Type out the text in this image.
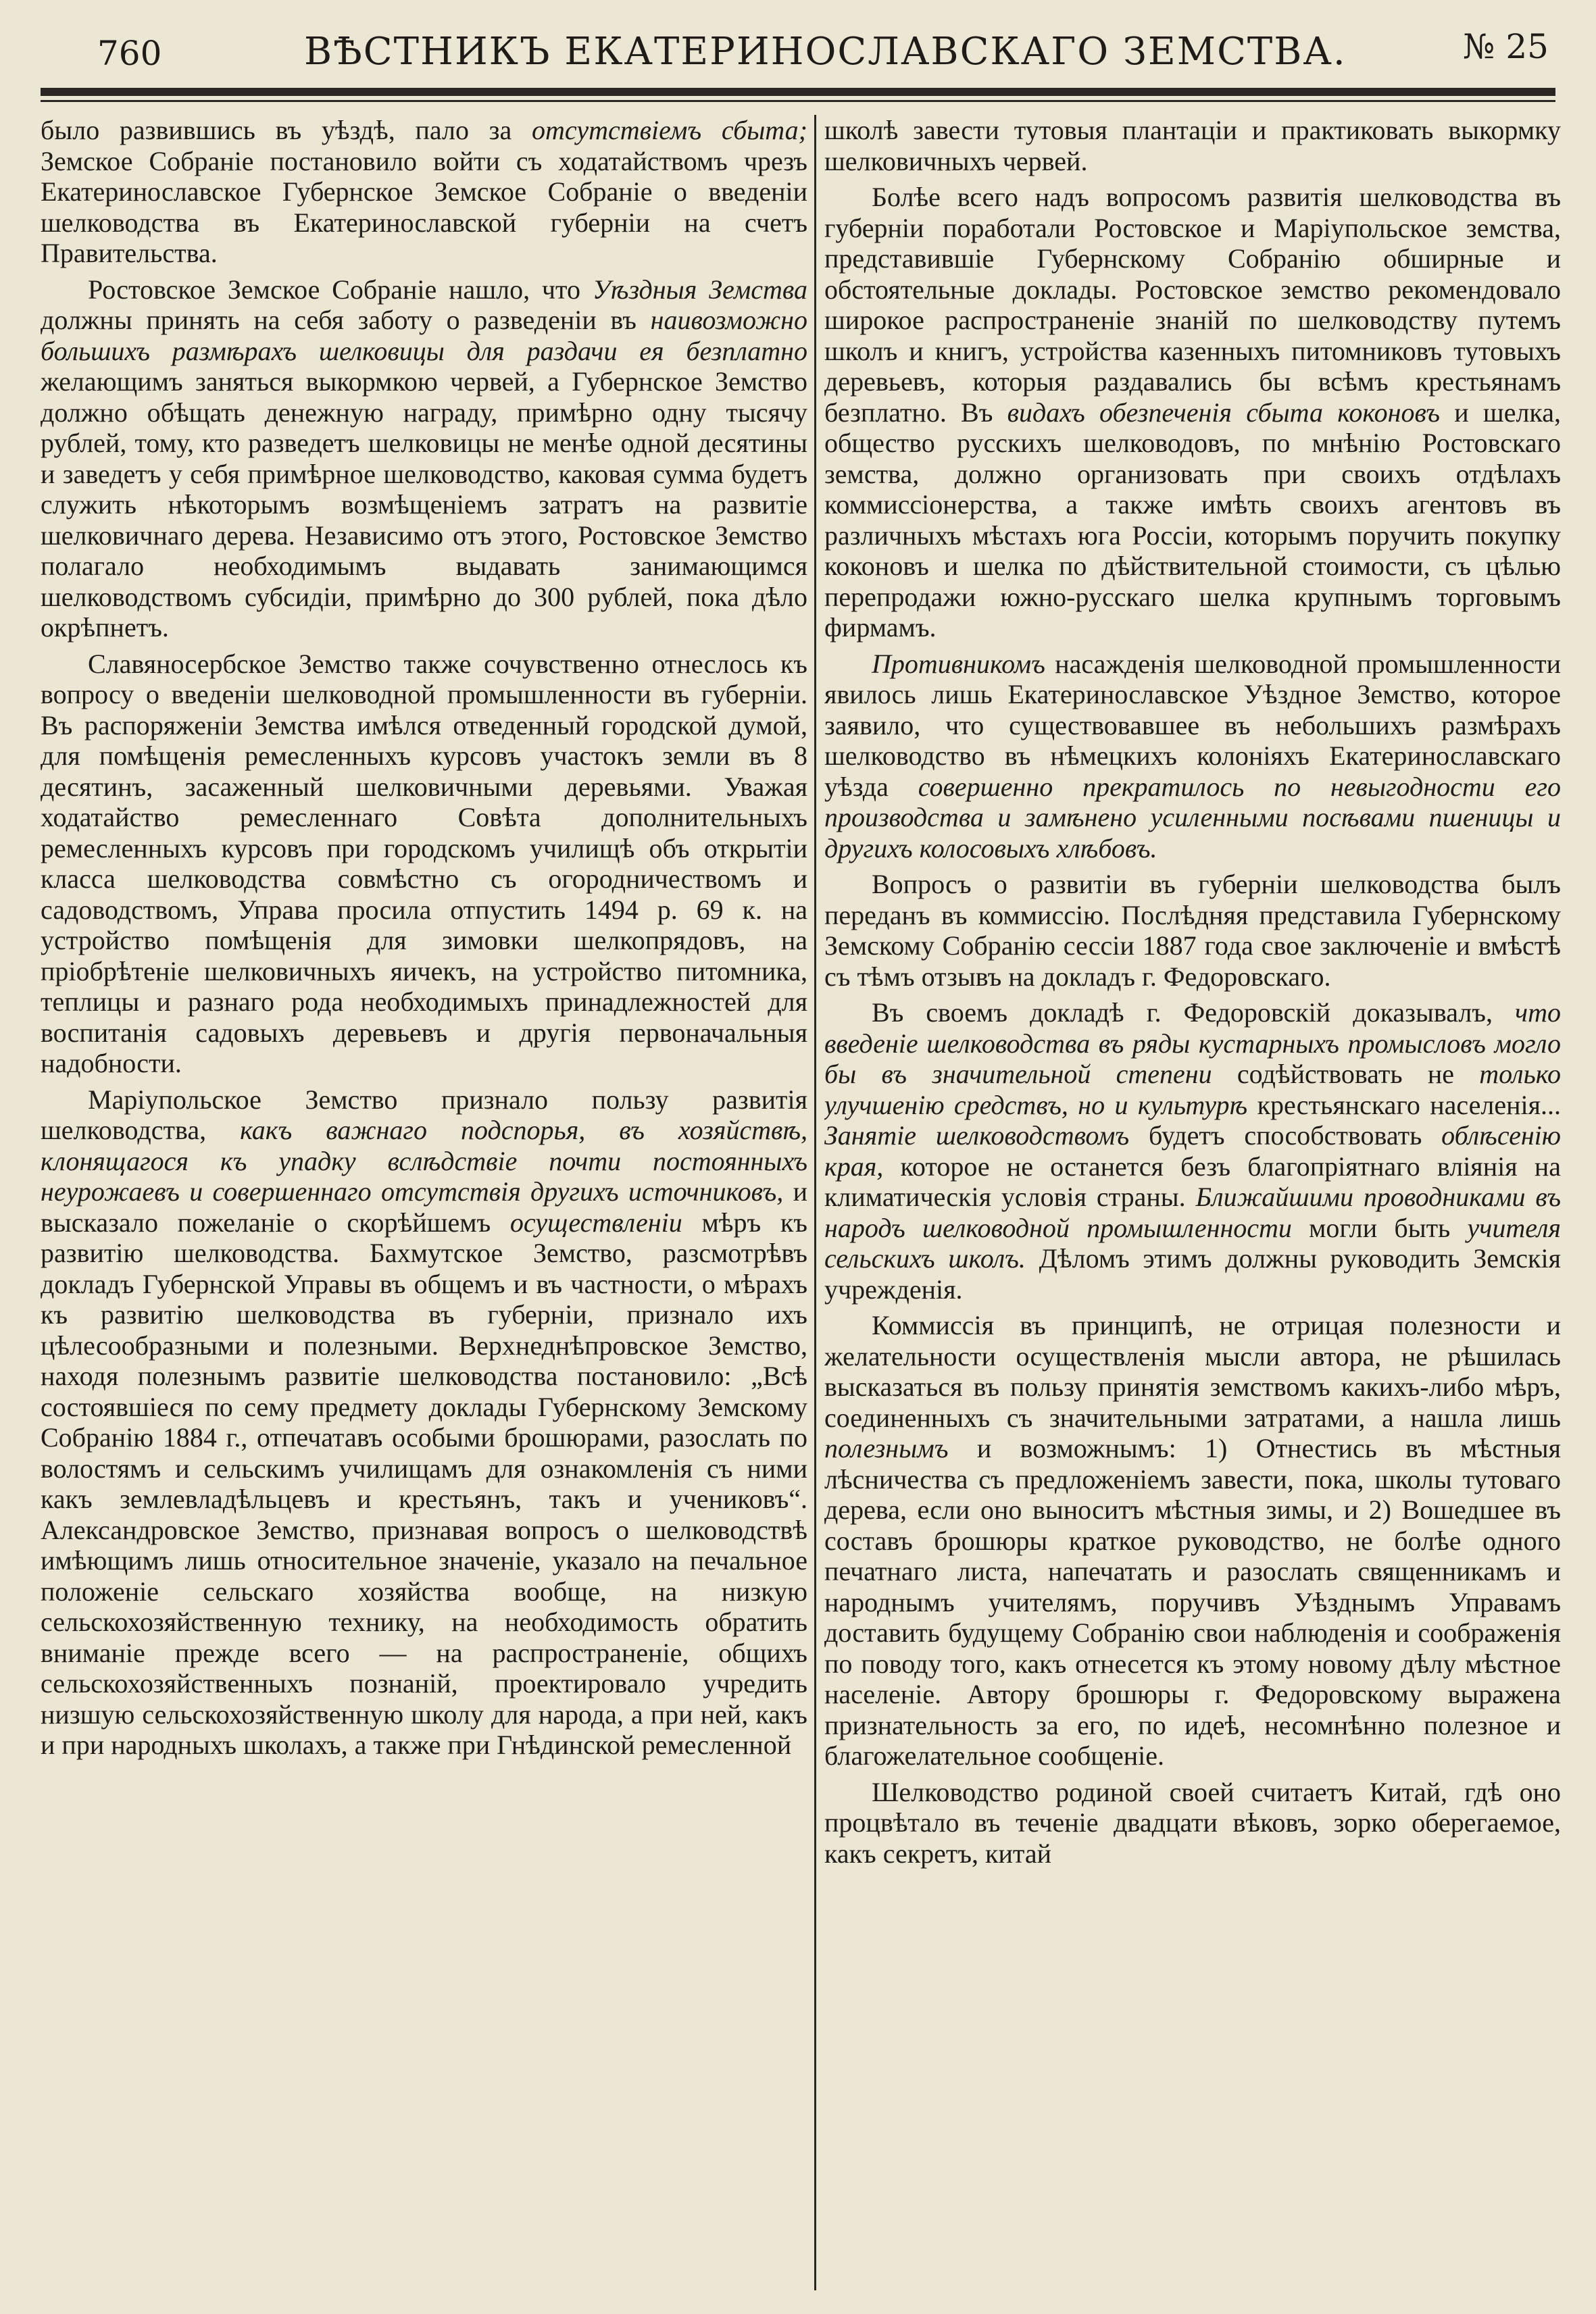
760	ВѢСТНИКЪ ЕКАТЕРИНОСЛАВСКАГО ЗЕМСТВА.	№ 25

было развившись въ уѣздѣ, пало за отсутствіемъ сбыта; Земское Собраніе постановило войти съ ходатайствомъ чрезъ Екатеринославское Губернское Земское Собраніе о введеніи шелководства въ Екатеринославской губерніи на счетъ Правительства.

Ростовское Земское Собраніе нашло, что Уѣздныя Земства должны принять на себя заботу о разведеніи въ наивозможно большихъ размѣрахъ шелковицы для раздачи ея безплатно желающимъ заняться выкормкою червей, а Губернское Земство должно обѣщать денежную награду, примѣрно одну тысячу рублей, тому, кто разведетъ шелковицы не менѣе одной десятины и заведетъ у себя примѣрное шелководство, каковая сумма будетъ служить нѣкоторымъ возмѣщеніемъ затратъ на развитіе шелковичнаго дерева. Независимо отъ этого, Ростовское Земство полагало необходимымъ выдавать занимающимся шелководствомъ субсидіи, примѣрно до 300 рублей, пока дѣло окрѣпнетъ.

Славяносербское Земство также сочувственно отнеслось къ вопросу о введеніи шелководной промышленности въ губерніи. Въ распоряженіи Земства имѣлся отведенный городской думой, для помѣщенія ремесленныхъ курсовъ участокъ земли въ 8 десятинъ, засаженный шелковичными деревьями. Уважая ходатайство ремесленнаго Совѣта дополнительныхъ ремесленныхъ курсовъ при городскомъ училищѣ объ открытіи класса шелководства совмѣстно съ огородничествомъ и садоводствомъ, Управа просила отпустить 1494 р. 69 к. на устройство помѣщенія для зимовки шелкопрядовъ, на пріобрѣтеніе шелковичныхъ яичекъ, на устройство питомника, теплицы и разнаго рода необходимыхъ принадлежностей для воспитанія садовыхъ деревьевъ и другія первоначальныя надобности.

Маріупольское Земство признало пользу развитія шелководства, какъ важнаго подспорья, въ хозяйствѣ, клонящагося къ упадку вслѣдствіе почти постоянныхъ неурожаевъ и совершеннаго отсутствія другихъ источниковъ, и высказало пожеланіе о скорѣйшемъ осуществленіи мѣръ къ развитію шелководства. Бахмутское Земство, разсмотрѣвъ докладъ Губернской Управы въ общемъ и въ частности, о мѣрахъ къ развитію шелководства въ губерніи, признало ихъ цѣлесообразными и полезными. Верхнеднѣпровское Земство, находя полезнымъ развитіе шелководства постановило: „Всѣ состоявшіеся по сему предмету доклады Губернскому Земскому Собранію 1884 г., отпечатавъ особыми брошюрами, разослать по волостямъ и сельскимъ училищамъ для ознакомленія съ ними какъ землевладѣльцевъ и крестьянъ, такъ и учениковъ“. Александровское Земство, признавая вопросъ о шелководствѣ имѣющимъ лишь относительное значеніе, указало на печальное положеніе сельскаго хозяйства вообще, на низкую сельскохозяйственную технику, на необходимость обратить вниманіе прежде всего — на распространеніе, общихъ сельскохозяйственныхъ познаній, проектировало учредить низшую сельскохозяйственную школу для народа, а при ней, какъ и при народныхъ школахъ, а также при Гнѣдинской ремесленной

школѣ завести тутовыя плантаціи и практиковать выкормку шелковичныхъ червей.

Болѣе всего надъ вопросомъ развитія шелководства въ губерніи поработали Ростовское и Маріупольское земства, представившіе Губернскому Собранію обширные и обстоятельные доклады. Ростовское земство рекомендовало широкое распространеніе знаній по шелководству путемъ школъ и книгъ, устройства казенныхъ питомниковъ тутовыхъ деревьевъ, которыя раздавались бы всѣмъ крестьянамъ безплатно. Въ видахъ обезпеченія сбыта коконовъ и шелка, общество русскихъ шелководовъ, по мнѣнію Ростовскаго земства, должно организовать при своихъ отдѣлахъ коммиссіонерства, а также имѣть своихъ агентовъ въ различныхъ мѣстахъ юга Россіи, которымъ поручить покупку коконовъ и шелка по дѣйствительной стоимости, съ цѣлью перепродажи южно-русскаго шелка крупнымъ торговымъ фирмамъ.

Противникомъ насажденія шелководной промышленности явилось лишь Екатеринославское Уѣздное Земство, которое заявило, что существовавшее въ небольшихъ размѣрахъ шелководство въ нѣмецкихъ колоніяхъ Екатеринославскаго уѣзда совершенно прекратилось по невыгодности его производства и замѣнено усиленными посѣвами пшеницы и другихъ колосовыхъ хлѣбовъ.

Вопросъ о развитіи въ губерніи шелководства былъ переданъ въ коммиссію. Послѣдняя представила Губернскому Земскому Собранію сессіи 1887 года свое заключеніе и вмѣстѣ съ тѣмъ отзывъ на докладъ г. Федоровскаго.

Въ своемъ докладѣ г. Федоровскій доказывалъ, что введеніе шелководства въ ряды кустарныхъ промысловъ могло бы въ значительной степени содѣйствовать не только улучшенію средствъ, но и культурѣ крестьянскаго населенія... Занятіе шелководствомъ будетъ способствовать облѣсенію края, которое не останется безъ благопріятнаго вліянія на климатическія условія страны. Ближайшими проводниками въ народъ шелководной промышленности могли быть учителя сельскихъ школъ. Дѣломъ этимъ должны руководить Земскія учрежденія.

Коммиссія въ принципѣ, не отрицая полезности и желательности осуществленія мысли автора, не рѣшилась высказаться въ пользу принятія земствомъ какихъ-либо мѣръ, соединенныхъ съ значительными затратами, а нашла лишь полезнымъ и возможнымъ: 1) Отнестись въ мѣстныя лѣсничества съ предложеніемъ завести, пока, школы тутоваго дерева, если оно выноситъ мѣстныя зимы, и 2) Вошедшее въ составъ брошюры краткое руководство, не болѣе одного печатнаго листа, напечатать и разослать священникамъ и народнымъ учителямъ, поручивъ Уѣзднымъ Управамъ доставить будущему Собранію свои наблюденія и соображенія по поводу того, какъ отнесется къ этому новому дѣлу мѣстное населеніе. Автору брошюры г. Федоровскому выражена признательность за его, по идеѣ, несомнѣнно полезное и благожелательное сообщеніе.

Шелководство родиной своей считаетъ Китай, гдѣ оно процвѣтало въ теченіе двадцати вѣковъ, зорко оберегаемое, какъ секретъ, китай
